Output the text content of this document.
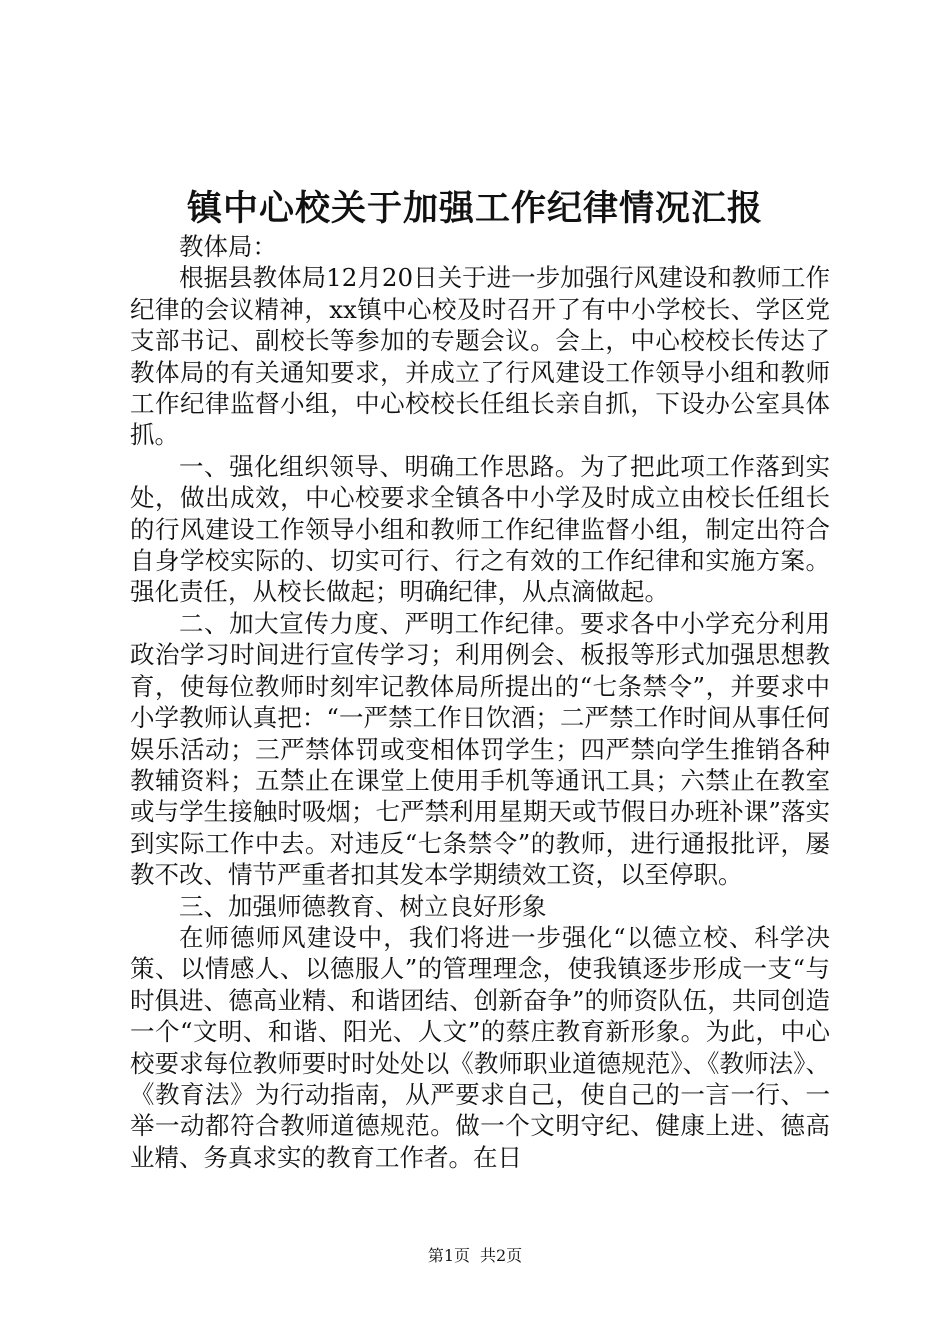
镇中心校关于加强工作纪律情况汇报

教体局：

根据县教体局12月20日关于进一步加强行风建设和教师工作纪律的会议精神，xx镇中心校及时召开了有中小学校长、学区党支部书记、副校长等参加的专题会议。会上，中心校校长传达了教体局的有关通知要求，并成立了行风建设工作领导小组和教师工作纪律监督小组，中心校校长任组长亲自抓，下设办公室具体抓。

一、强化组织领导、明确工作思路。为了把此项工作落到实处，做出成效，中心校要求全镇各中小学及时成立由校长任组长的行风建设工作领导小组和教师工作纪律监督小组，制定出符合自身学校实际的、切实可行、行之有效的工作纪律和实施方案。强化责任，从校长做起；明确纪律，从点滴做起。

二、加大宣传力度、严明工作纪律。要求各中小学充分利用政治学习时间进行宣传学习；利用例会、板报等形式加强思想教育，使每位教师时刻牢记教体局所提出的“七条禁令”，并要求中小学教师认真把：“一严禁工作日饮酒；二严禁工作时间从事任何娱乐活动；三严禁体罚或变相体罚学生；四严禁向学生推销各种教辅资料；五禁止在课堂上使用手机等通讯工具；六禁止在教室或与学生接触时吸烟；七严禁利用星期天或节假日办班补课”落实到实际工作中去。对违反“七条禁令”的教师，进行通报批评，屡教不改、情节严重者扣其发本学期绩效工资，以至停职。

三、加强师德教育、树立良好形象

在师德师风建设中，我们将进一步强化“以德立校、科学决策、以情感人、以德服人”的管理理念，使我镇逐步形成一支“与时俱进、德高业精、和谐团结、创新奋争”的师资队伍，共同创造一个“文明、和谐、阳光、人文”的蔡庄教育新形象。为此，中心校要求每位教师要时时处处以《教师职业道德规范》、《教师法》、《教育法》为行动指南，从严要求自己，使自己的一言一行、一举一动都符合教师道德规范。做一个文明守纪、健康上进、德高业精、务真求实的教育工作者。在日

第1页 共2页
